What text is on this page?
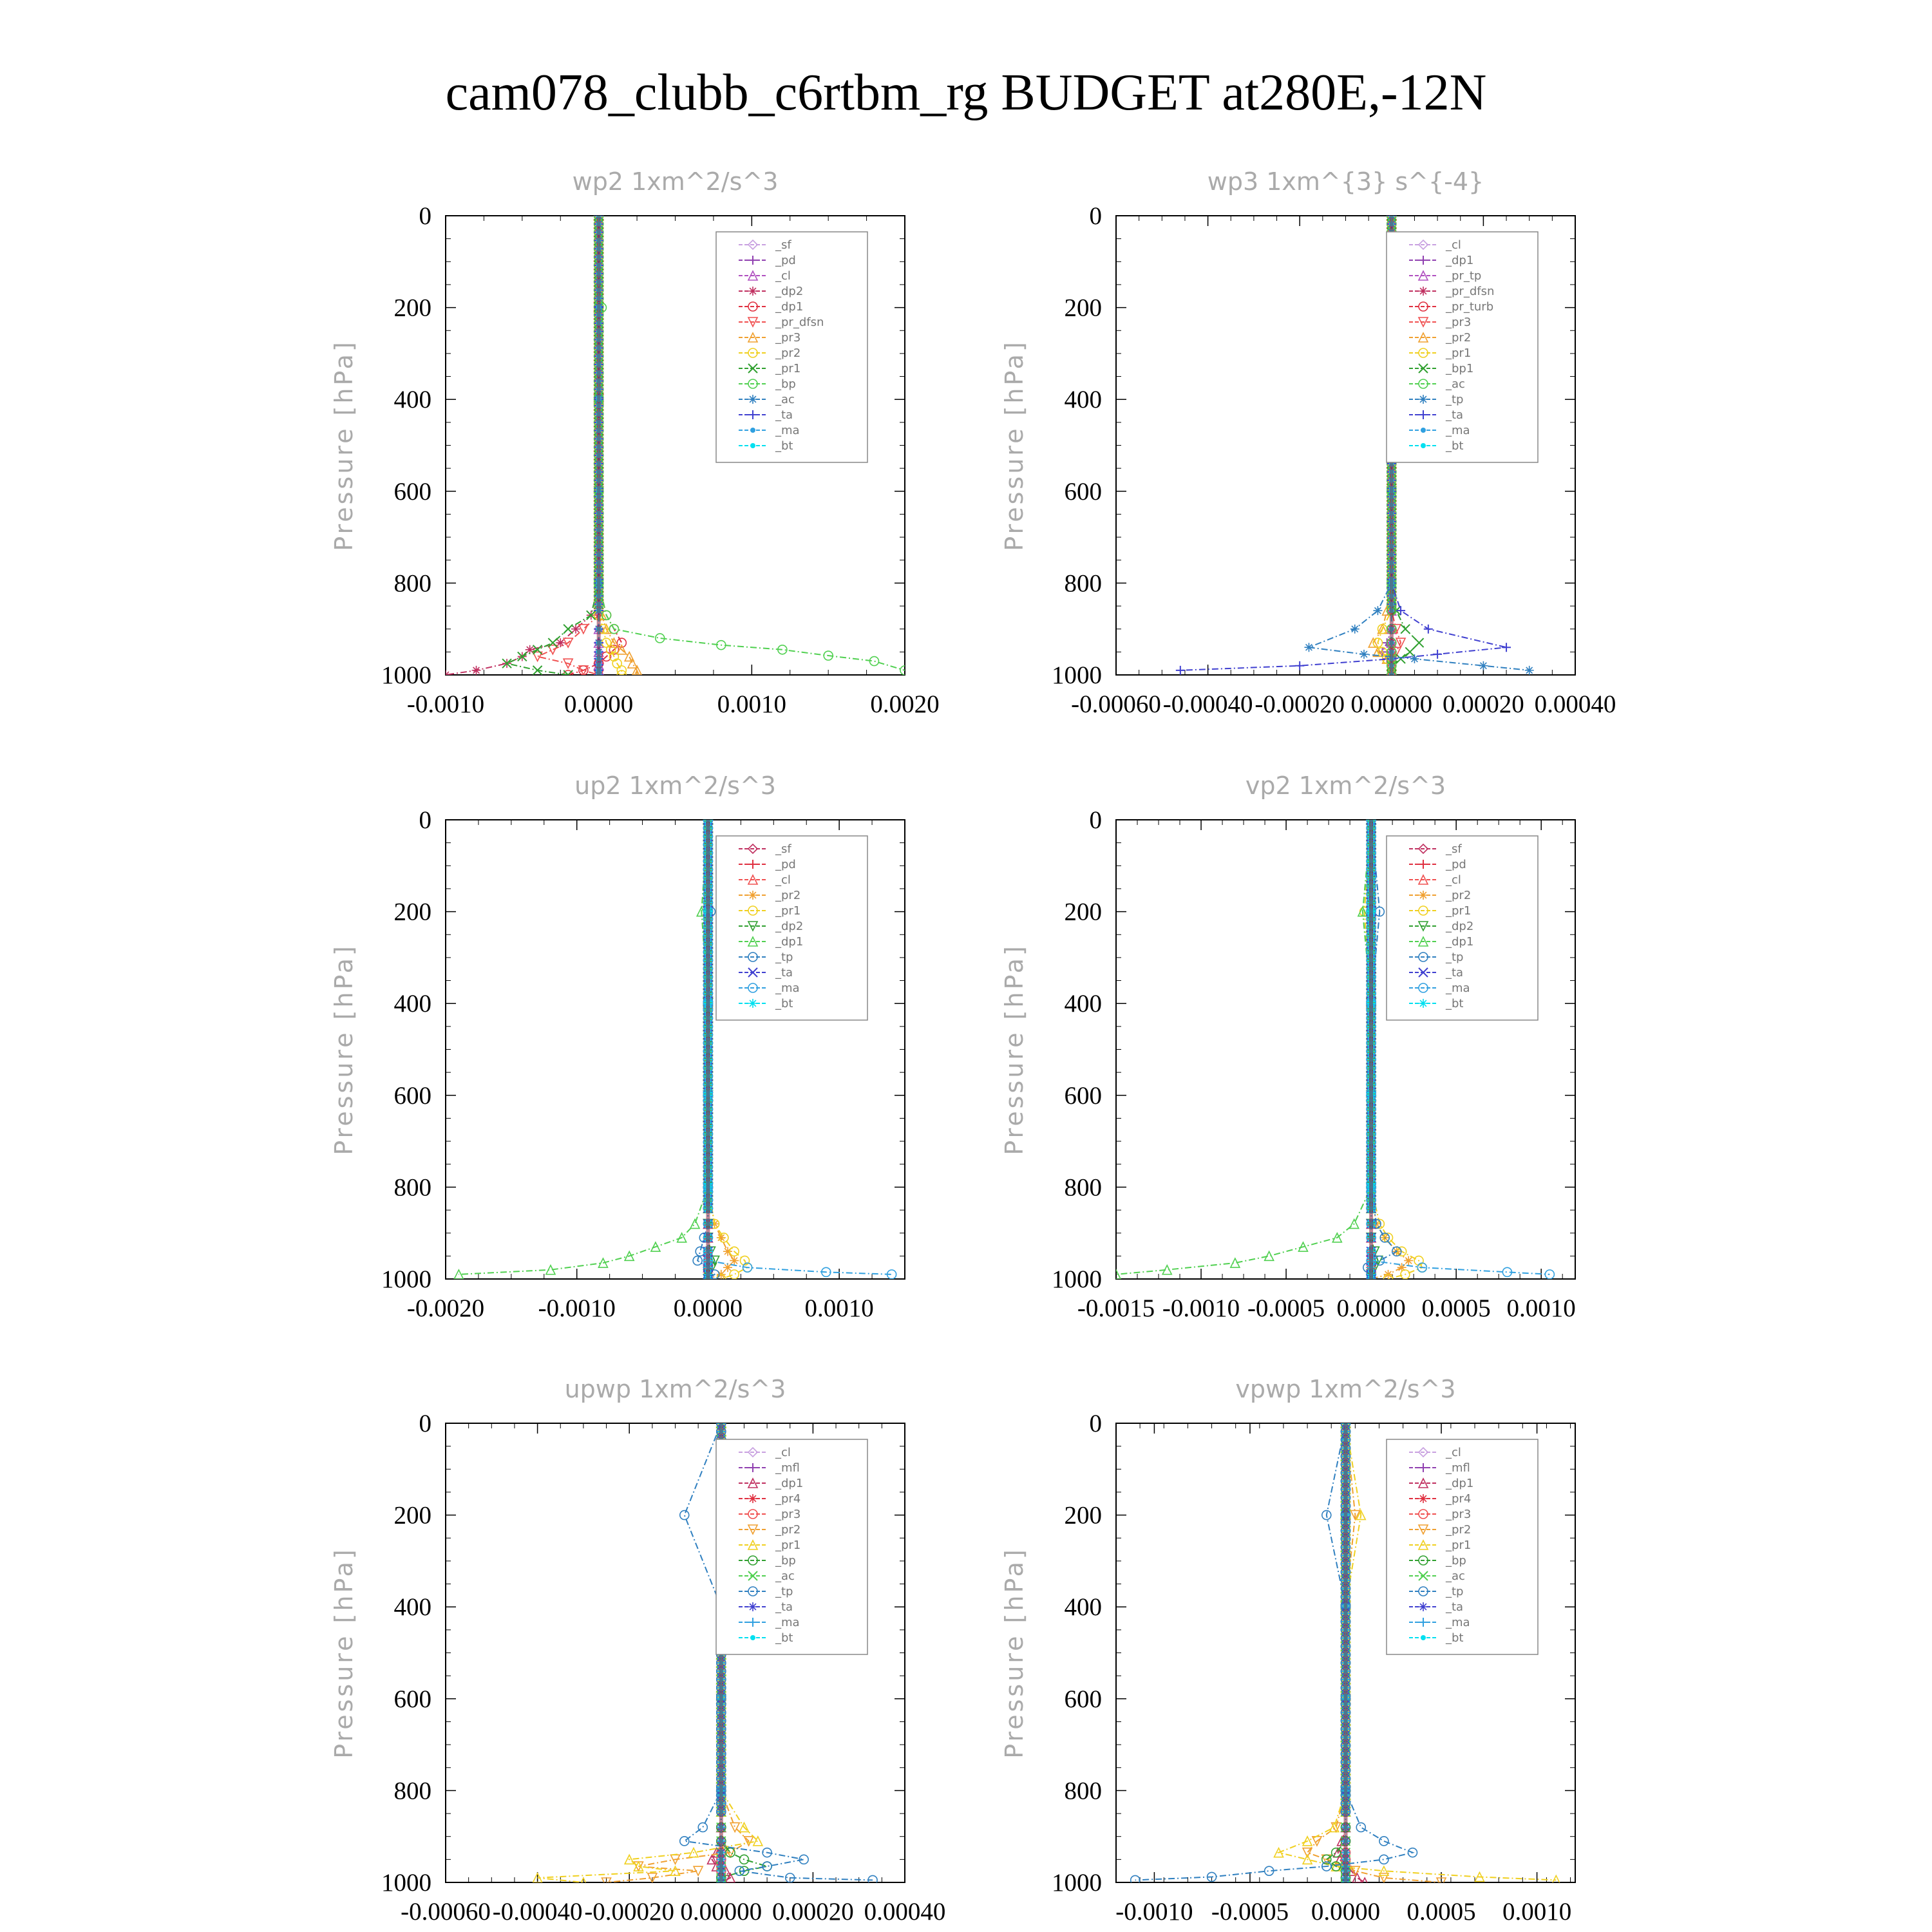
cam078_clubb_c6rtbm_rg BUDGET at280E,-12N
wp2 1xm^2/s^3
Pressure [hPa]
0
200
400
600
800
1000
-0.0010	0.0000	0.0010	0.0020
_sf
_pd
_cl
_dp2
_dp1
_pr_dfsn
_pr3
_pr2
_pr1
_bp
_ac
_ta
_ma
_bt
wp3 1xm^{3} s^{-4}
Pressure [hPa]
0
200
400
600
800
1000
-0.00060 -0.00040 -0.00020 0.00000 0.00020 0.00040
_cl
_dp1
_pr_tp
_pr_dfsn
_pr_turb
_pr3
_pr2
_pr1
_bp1
_ac
_tp
_ta
_ma
_bt
up2 1xm^2/s^3
Pressure [hPa]
0
200
400
600
800
1000
-0.0020 -0.0010 0.0000 0.0010
_sf
_pd
_cl
_pr2
_pr1
_dp2
_dp1
_tp
_ta
_ma
_bt
vp2 1xm^2/s^3
Pressure [hPa]
0
200
400
600
800
1000
-0.0015 -0.0010 -0.0005 0.0000 0.0005 0.0010
_sf
_pd
_cl
_pr2
_pr1
_dp2
_dp1
_tp
_ta
_ma
_bt
upwp 1xm^2/s^3
Pressure [hPa]
0
200
400
600
800
1000
-0.00060 -0.00040 -0.00020 0.00000 0.00020 0.00040
_cl
_mfl
_dp1
_pr4
_pr3
_pr2
_pr1
_bp
_ac
_tp
_ta
_ma
_bt
vpwp 1xm^2/s^3
Pressure [hPa]
0
200
400
600
800
1000
-0.0010 -0.0005 0.0000 0.0005 0.0010
_cl
_mfl
_dp1
_pr4
_pr3
_pr2
_pr1
_bp
_ac
_tp
_ta
_ma
_bt
